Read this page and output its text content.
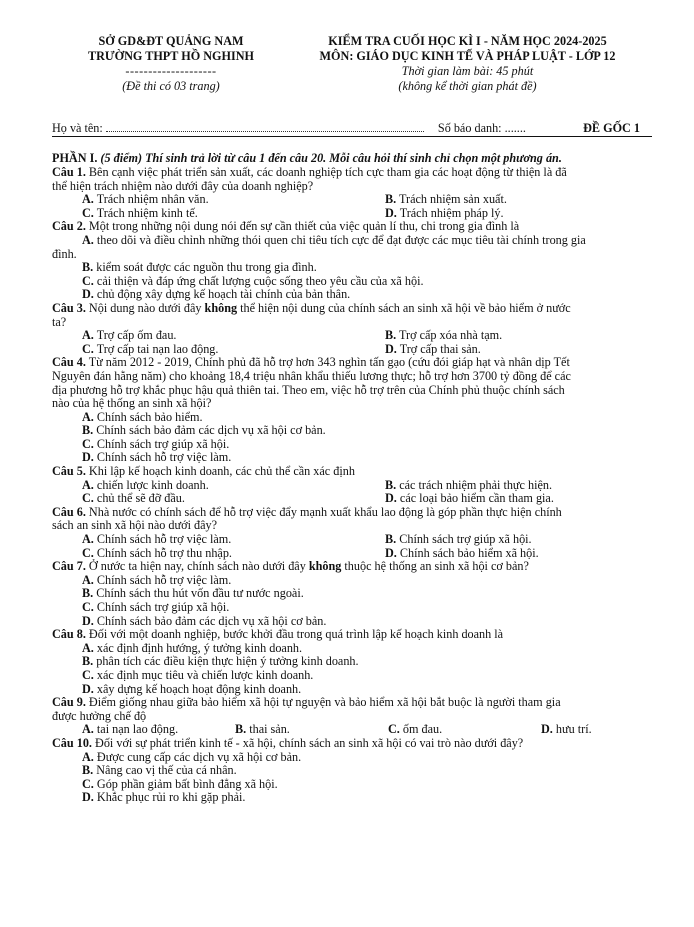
SỞ GD&ĐT QUẢNG NAM
TRƯỜNG THPT HỒ NGHINH
--------------------
(Đề thi có 03 trang)
KIỂM TRA CUỐI HỌC KÌ I - NĂM HỌC 2024-2025
MÔN: GIÁO DỤC KINH TẾ VÀ PHÁP LUẬT - LỚP 12
Thời gian làm bài: 45 phút
(không kể thời gian phát đề)
Họ và tên:	Số báo danh: .......	ĐỀ GỐC 1
PHẦN I. (5 điểm) Thí sinh trả lời từ câu 1 đến câu 20. Mỗi câu hỏi thí sinh chỉ chọn một phương án.
Câu 1. Bên cạnh việc phát triển sản xuất, các doanh nghiệp tích cực tham gia các hoạt động từ thiện là đã
thể hiện trách nhiệm nào dưới đây của doanh nghiệp?
A. Trách nhiệm nhân văn.	B. Trách nhiệm sản xuất.
C. Trách nhiệm kinh tế.	D. Trách nhiệm pháp lý.
Câu 2. Một trong những nội dung nói đến sự cần thiết của việc quản lí thu, chi trong gia đình là
A. theo dõi và điều chỉnh những thói quen chi tiêu tích cực để đạt được các mục tiêu tài chính trong gia
đình.
B. kiểm soát được các nguồn thu trong gia đình.
C. cải thiện và đáp ứng chất lượng cuộc sống theo yêu cầu của xã hội.
D. chủ động xây dựng kế hoạch tài chính của bản thân.
Câu 3. Nội dung nào dưới đây không thể hiện nội dung của chính sách an sinh xã hội về bảo hiểm ở nước
ta?
A. Trợ cấp ốm đau.	B. Trợ cấp xóa nhà tạm.
C. Trợ cấp tai nạn lao động.	D. Trợ cấp thai sản.
Câu 4. Từ năm 2012 - 2019, Chính phủ đã hỗ trợ hơn 343 nghìn tấn gạo (cứu đói giáp hạt và nhân dịp Tết
Nguyên đán hằng năm) cho khoảng 18,4 triệu nhân khẩu thiếu lương thực; hỗ trợ hơn 3700 tỷ đồng để các
địa phương hỗ trợ khắc phục hậu quả thiên tai. Theo em, việc hỗ trợ trên của Chính phủ thuộc chính sách
nào của hệ thống an sinh xã hội?
A. Chính sách bảo hiểm.
B. Chính sách bảo đảm các dịch vụ xã hội cơ bản.
C. Chính sách trợ giúp xã hội.
D. Chính sách hỗ trợ việc làm.
Câu 5. Khi lập kế hoạch kinh doanh, các chủ thể cần xác định
A. chiến lược kinh doanh.	B. các trách nhiệm phải thực hiện.
C. chủ thể sẽ đỡ đầu.	D. các loại bảo hiểm cần tham gia.
Câu 6. Nhà nước có chính sách để hỗ trợ việc đẩy mạnh xuất khẩu lao động là góp phần thực hiện chính
sách an sinh xã hội nào dưới đây?
A. Chính sách hỗ trợ việc làm.	B. Chính sách trợ giúp xã hội.
C. Chính sách hỗ trợ thu nhập.	D. Chính sách bảo hiểm xã hội.
Câu 7. Ở nước ta hiện nay, chính sách nào dưới đây không thuộc hệ thống an sinh xã hội cơ bản?
A. Chính sách hỗ trợ việc làm.
B. Chính sách thu hút vốn đầu tư nước ngoài.
C. Chính sách trợ giúp xã hội.
D. Chính sách bảo đảm các dịch vụ xã hội cơ bản.
Câu 8. Đối với một doanh nghiệp, bước khởi đầu trong quá trình lập kế hoạch kinh doanh là
A. xác định định hướng, ý tưởng kinh doanh.
B. phân tích các điều kiện thực hiện ý tưởng kinh doanh.
C. xác định mục tiêu và chiến lược kinh doanh.
D. xây dựng kế hoạch hoạt động kinh doanh.
Câu 9. Điểm giống nhau giữa bảo hiểm xã hội tự nguyện và bảo hiểm xã hội bắt buộc là người tham gia
được hưởng chế độ
A. tai nạn lao động.	B. thai sản.	C. ốm đau.	D. hưu trí.
Câu 10. Đối với sự phát triển kinh tế - xã hội, chính sách an sinh xã hội có vai trò nào dưới đây?
A. Được cung cấp các dịch vụ xã hội cơ bản.
B. Nâng cao vị thế của cá nhân.
C. Góp phần giảm bất bình đẳng xã hội.
D. Khắc phục rủi ro khi gặp phải.
